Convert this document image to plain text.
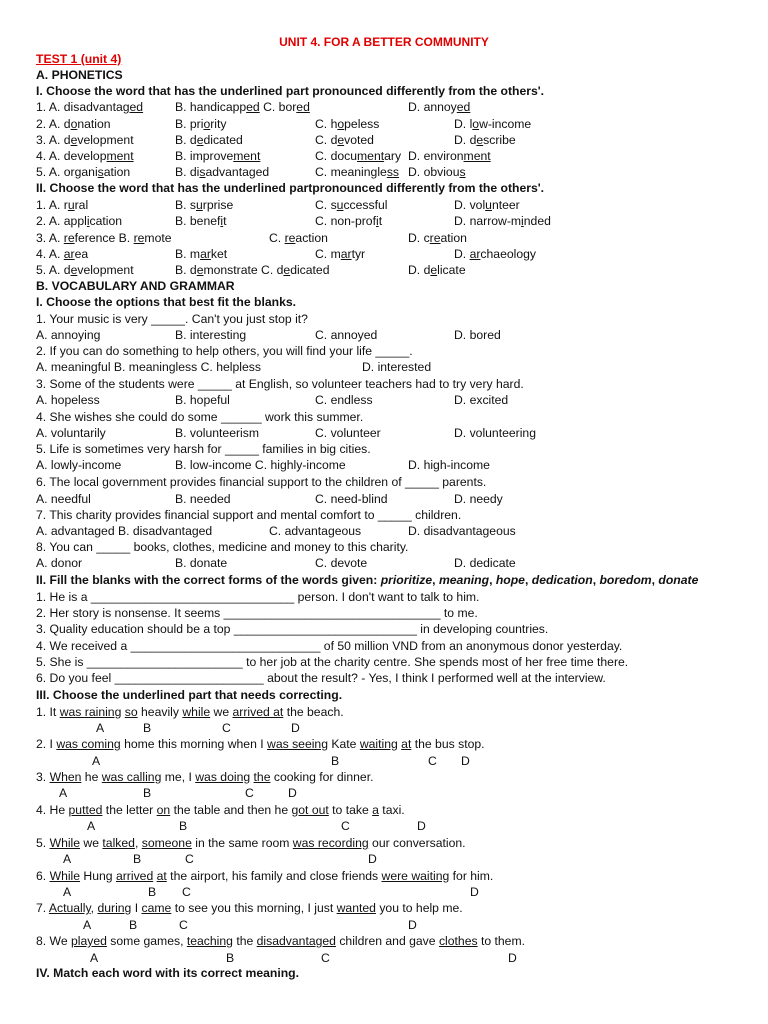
UNIT 4. FOR A BETTER COMMUNITY
TEST 1 (unit 4)
A. PHONETICS
I. Choose the word that has the underlined part pronounced differently from the others'.
1. A. disadvantaged	B. handicapped C. bored	D. annoyed
2. A. donation	B. priority	C. hopeless	D. low-income
3. A. development	B. dedicated	C. devoted	D. describe
4. A. development	B. improvement	C. documentary D. environment
5. A. organisation	B. disadvantaged	C. meaningless D. obvious
II. Choose the word that has the underlined partpronounced differently from the others'.
1. A. rural	B. surprise	C. successful	D. volunteer
2. A. application	B. benefit	C. non-profit	D. narrow-minded
3. A. reference B. remote	C. reaction	D. creation
4. A. area	B. market	C. martyr	D. archaeology
5. A. development	B. demonstrate C. dedicated	D. delicate
B. VOCABULARY AND GRAMMAR
I. Choose the options that best fit the blanks.
1. Your music is very _____. Can't you just stop it?
A. annoying	B. interesting	C. annoyed	D. bored
2. If you can do something to help others, you will find your life _____.
A. meaningful B. meaningless C. helpless	D. interested
3. Some of the students were _____ at English, so volunteer teachers had to try very hard.
A. hopeless	B. hopeful	C. endless	D. excited
4. She wishes she could do some ______ work this summer.
A. voluntarily	B. volunteerism	C. volunteer	D. volunteering
5. Life is sometimes very harsh for _____ families in big cities.
A. lowly-income	B. low-income C. highly-income	D. high-income
6. The local government provides financial support to the children of _____ parents.
A. needful	B. needed	C. need-blind	D. needy
7. This charity provides financial support and mental comfort to _____ children.
A. advantaged B. disadvantaged	C. advantageous	D. disadvantageous
8. You can _____ books, clothes, medicine and money to this charity.
A. donor	B. donate	C. devote	D. dedicate
II. Fill the blanks with the correct forms of the words given: prioritize, meaning, hope, dedication, boredom, donate
1. He is a ______________________________ person. I don't want to talk to him.
2. Her story is nonsense. It seems ________________________________ to me.
3. Quality education should be a top ___________________________ in developing countries.
4. We received a ____________________________ of 50 million VND from an anonymous donor yesterday.
5. She is _______________________ to her job at the charity centre. She spends most of her free time there.
6. Do you feel ______________________ about the result? - Yes, I think I performed well at the interview.
III. Choose the underlined part that needs correcting.
1. It was raining so heavily while we arrived at the beach.
A	B	C	D
2. I was coming home this morning when I was seeing Kate waiting at the bus stop.
A	B	C D
3. When he was calling me, I was doing the cooking for dinner.
A	B	C	D
4. He putted the letter on the table and then he got out to take a taxi.
A	B	C	D
5. While we talked, someone in the same room was recording our conversation.
A	B	C	D
6. While Hung arrived at the airport, his family and close friends were waiting for him.
A	B C	D
7. Actually, during I came to see you this morning, I just wanted you to help me.
A	B	C	D
8. We played some games, teaching the disadvantaged children and gave clothes to them.
A	B	C	D
IV. Match each word with its correct meaning.
